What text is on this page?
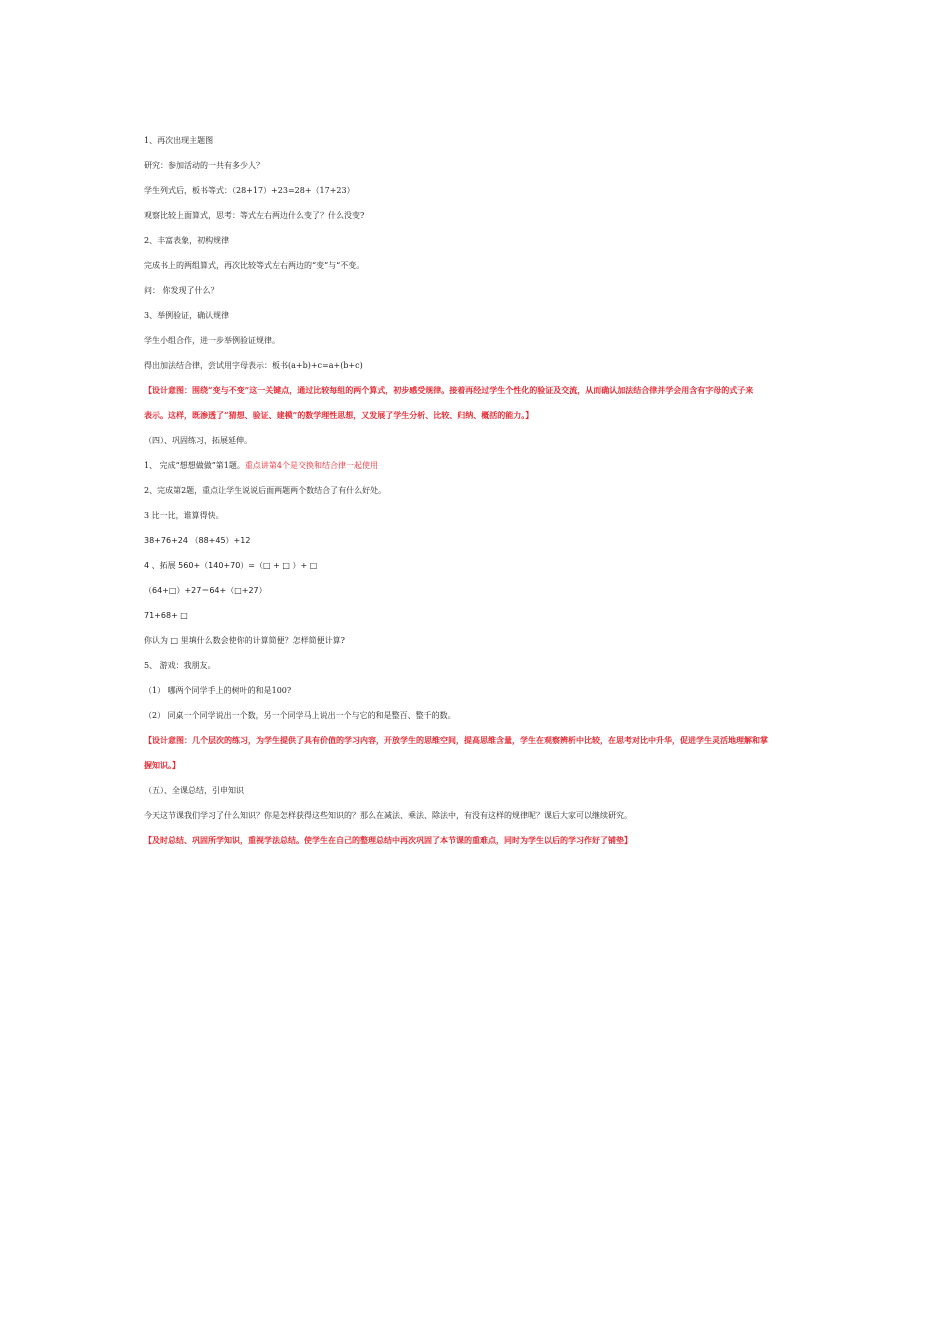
1、再次出现主题图
研究：参加活动的一共有多少人？
学生列式后，板书等式：（28+17）+23=28+（17+23）
观察比较上面算式，思考：等式左右两边什么变了？什么没变?
2、丰富表象，初构规律
完成书上的两组算式，再次比较等式左右两边的“变”与“不变。
问： 你发现了什么？
3、举例验证，确认规律
学生小组合作，进一步举例验证规律。
得出加法结合律，尝试用字母表示：板书(a+b)+c=a+(b+c)
【设计意图：围绕“变与不变”这一关键点，通过比较每组的两个算式，初步感受规律。接着再经过学生个性化的验证及交流，从而确认加法结合律并学会用含有字母的式子来
表示。这样，既渗透了“猜想、验证、建模”的数学理性思想，又发展了学生分析、比较、归纳、概括的能力。】
（四）、巩固练习，拓展延伸。
1、 完成“想想做做”第1题。重点讲第4个是交换和结合律一起使用
2、完成第2题，重点让学生说说后面两题两个数结合了有什么好处。
3 比一比，谁算得快。
38+76+24 （88+45）+12
4 、拓展 560+（140+70）=（□ + □ ）+ □
（64+□）+27＝64+（□+27）
71+68+ □
你认为 □ 里填什么数会使你的计算简便？怎样简便计算?
5、 游戏：我朋友。
（1） 哪两个同学手上的树叶的和是100?
（2） 同桌一个同学说出一个数，另一个同学马上说出一个与它的和是整百、整千的数。
【设计意图：几个层次的练习，为学生提供了具有价值的学习内容，开放学生的思维空间，提高思维含量，学生在观察辨析中比较，在思考对比中升华，促进学生灵活地理解和掌
握知识。】
（五）、全课总结，引申知识
今天这节课我们学习了什么知识？你是怎样获得这些知识的？那么在减法、乘法、除法中，有没有这样的规律呢？课后大家可以继续研究。
【及时总结、巩固所学知识，重视学法总结。使学生在自己的整理总结中再次巩固了本节课的重难点，同时为学生以后的学习作好了铺垫】
